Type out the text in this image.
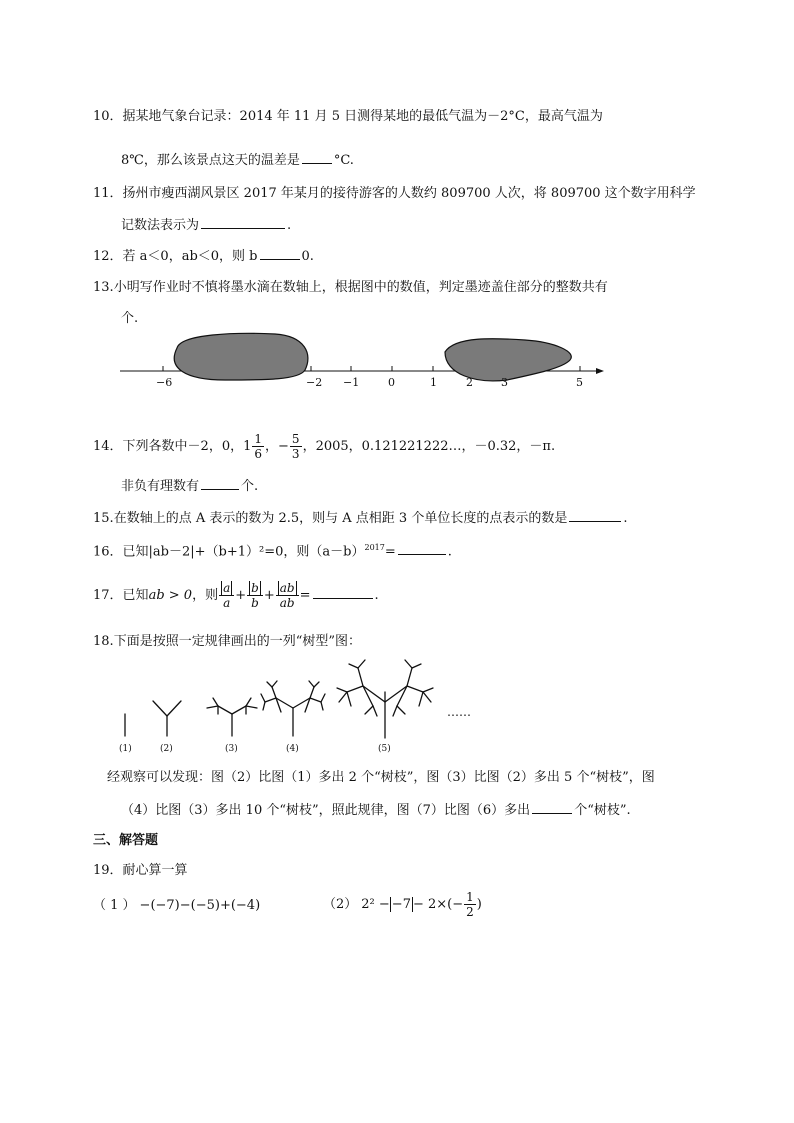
10．据某地气象台记录：2014 年 11 月 5 日测得某地的最低气温为－2°C，最高气温为
8℃，那么该景点这天的温差是	°C.
11．扬州市瘦西湖风景区 2017 年某月的接待游客的人数约 809700 人次，将 809700 这个数字用科学
记数法表示为	.
12．若 a＜0，ab＜0，则 b	0.
13.小明写作业时不慎将墨水滴在数轴上，根据图中的数值，判定墨迹盖住部分的整数共有
个.
−6	−2 −1	0	1	2	3	5
14．下列各数中－2，0，$1 \frac{1}{6}$ ，− $\frac{5}{3}$ ，2005，0.121221222…，－0.32，－π.
非负有理数有	个.
15.在数轴上的点 A 表示的数为 2.5，则与 A 点相距 3 个单位长度的点表示的数是	.
16．已知|ab－2|+（b+1）²=0，则$(a-b)^{2017}=$	.
17．已知ab > 0，则 $\frac{a}{a} + \frac{b}{b} + \frac{ab}{ab}$ =	.
18.下面是按照一定规律画出的一列“树型”图：
(1)	(2)	(3)	(4)	(5)
……
经观察可以发现：图（2）比图（1）多出 2 个“树枝”，图（3）比图（2）多出 5 个“树枝”，图
（4）比图（3）多出 10 个“树枝”，照此规律，图（7）比图（6）多出	个“树枝”.
三、解答题
19．耐心算一算
（ 1 ） −(−7)−(−5)+(−4)	（2） $2^2 - -7 - 2\times(- \frac{1}{2}$ )
